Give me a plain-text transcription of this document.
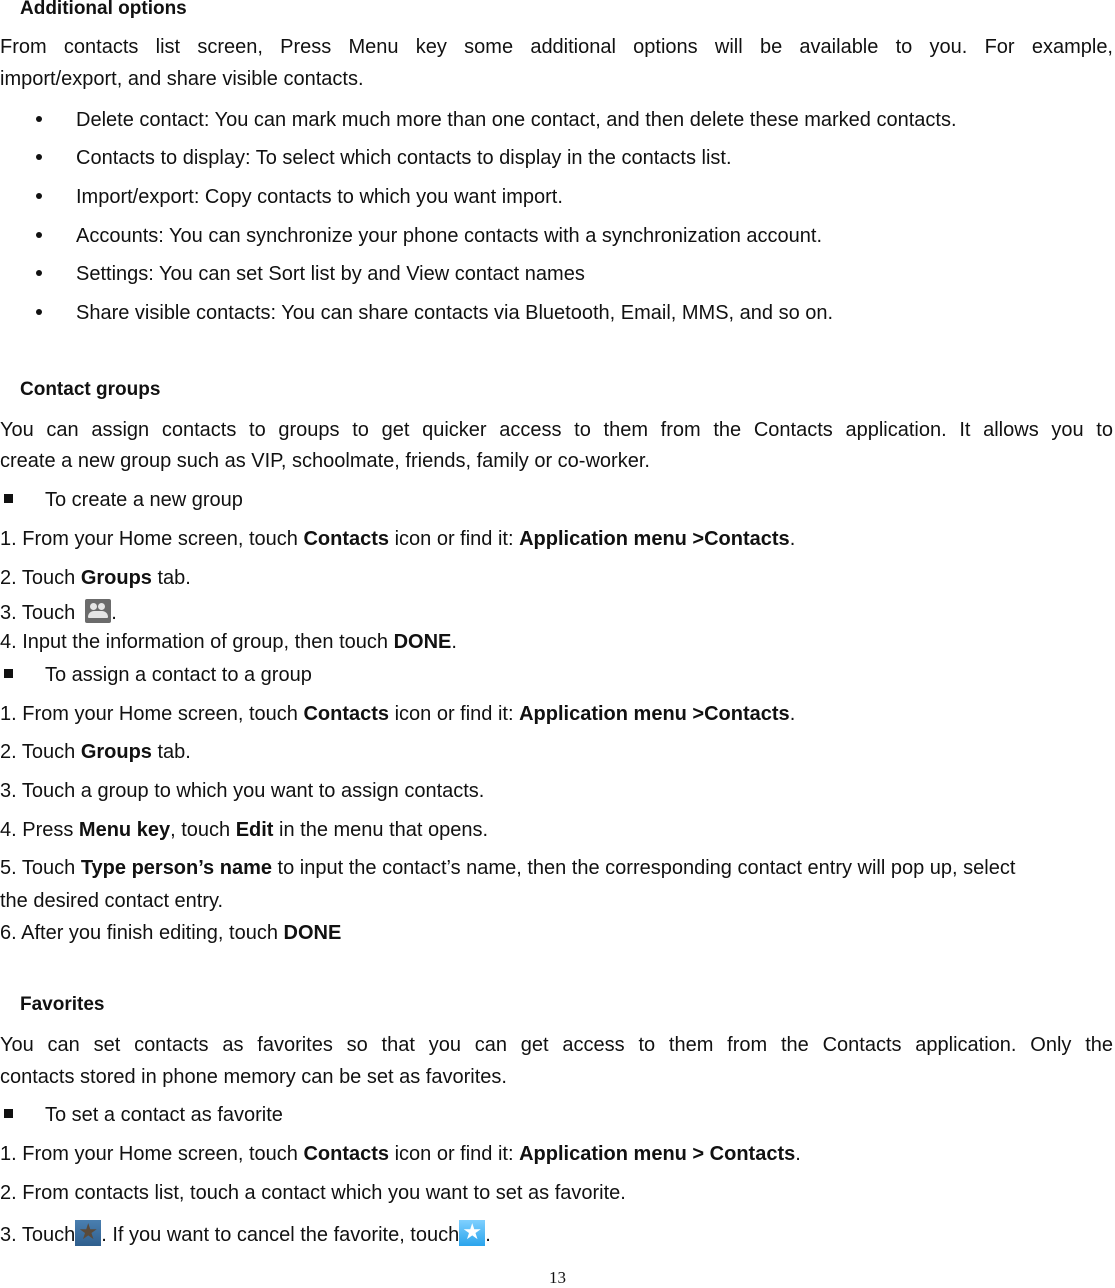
Additional options
From contacts list screen, Press Menu key some additional options will be available to you. For example,
import/export, and share visible contacts.
Delete contact: You can mark much more than one contact, and then delete these marked contacts.
Contacts to display: To select which contacts to display in the contacts list.
Import/export: Copy contacts to which you want import.
Accounts: You can synchronize your phone contacts with a synchronization account.
Settings: You can set Sort list by and View contact names
Share visible contacts: You can share contacts via Bluetooth, Email, MMS, and so on.
Contact groups
You can assign contacts to groups to get quicker access to them from the Contacts application. It allows you to
create a new group such as VIP, schoolmate, friends, family or co-worker.
To create a new group
1. From your Home screen, touch Contacts icon or find it: Application menu >Contacts.
2. Touch Groups tab.
3. Touch .
4. Input the information of group, then touch DONE.
To assign a contact to a group
1. From your Home screen, touch Contacts icon or find it: Application menu >Contacts.
2. Touch Groups tab.
3. Touch a group to which you want to assign contacts.
4. Press Menu key, touch Edit in the menu that opens.
5. Touch Type person’s name to input the contact’s name, then the corresponding contact entry will pop up, select
the desired contact entry.
6. After you finish editing, touch DONE
Favorites
You can set contacts as favorites so that you can get access to them from the Contacts application. Only the
contacts stored in phone memory can be set as favorites.
To set a contact as favorite
1. From your Home screen, touch Contacts icon or find it: Application menu > Contacts.
2. From contacts list, touch a contact which you want to set as favorite.
3. Touch ★ . If you want to cancel the favorite, touch ★ .
13
